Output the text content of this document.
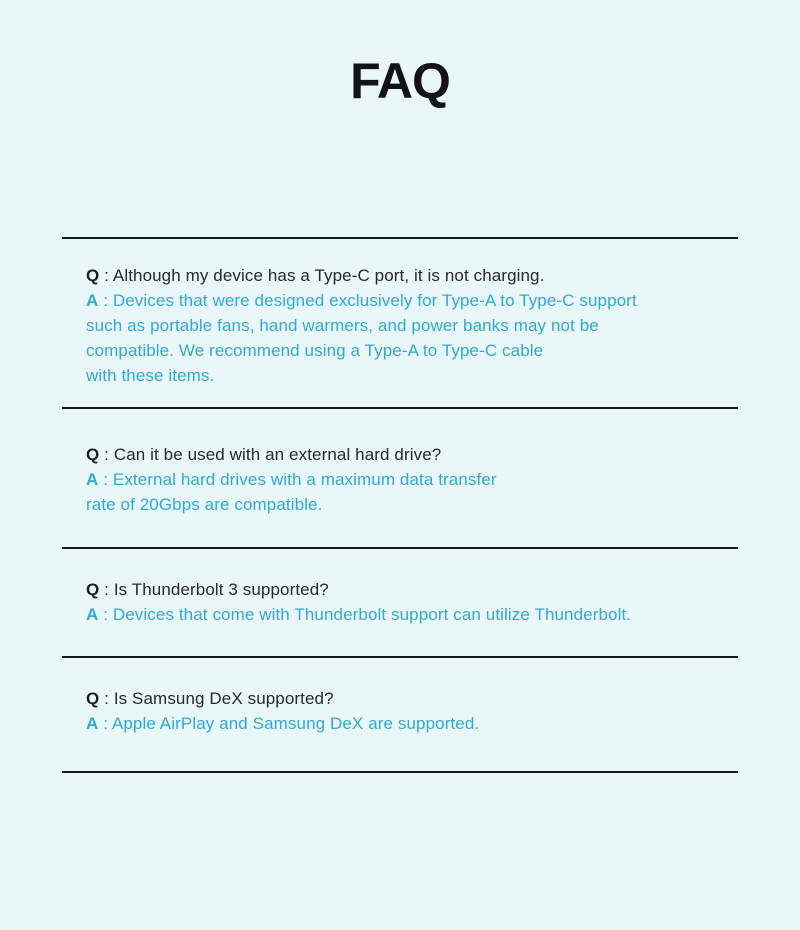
FAQ

Q : Although my device has a Type-C port, it is not charging.

A : Devices that were designed exclusively for Type-A to Type-C support

such as portable fans, hand warmers, and power banks may not be

compatible. We recommend using a Type-A to Type-C cable

with these items.

Q : Can it be used with an external hard drive?

A : External hard drives with a maximum data transfer

rate of 20Gbps are compatible.

Q : Is Thunderbolt 3 supported?

A : Devices that come with Thunderbolt support can utilize Thunderbolt.

Q : Is Samsung DeX supported?

A : Apple AirPlay and Samsung DeX are supported.
